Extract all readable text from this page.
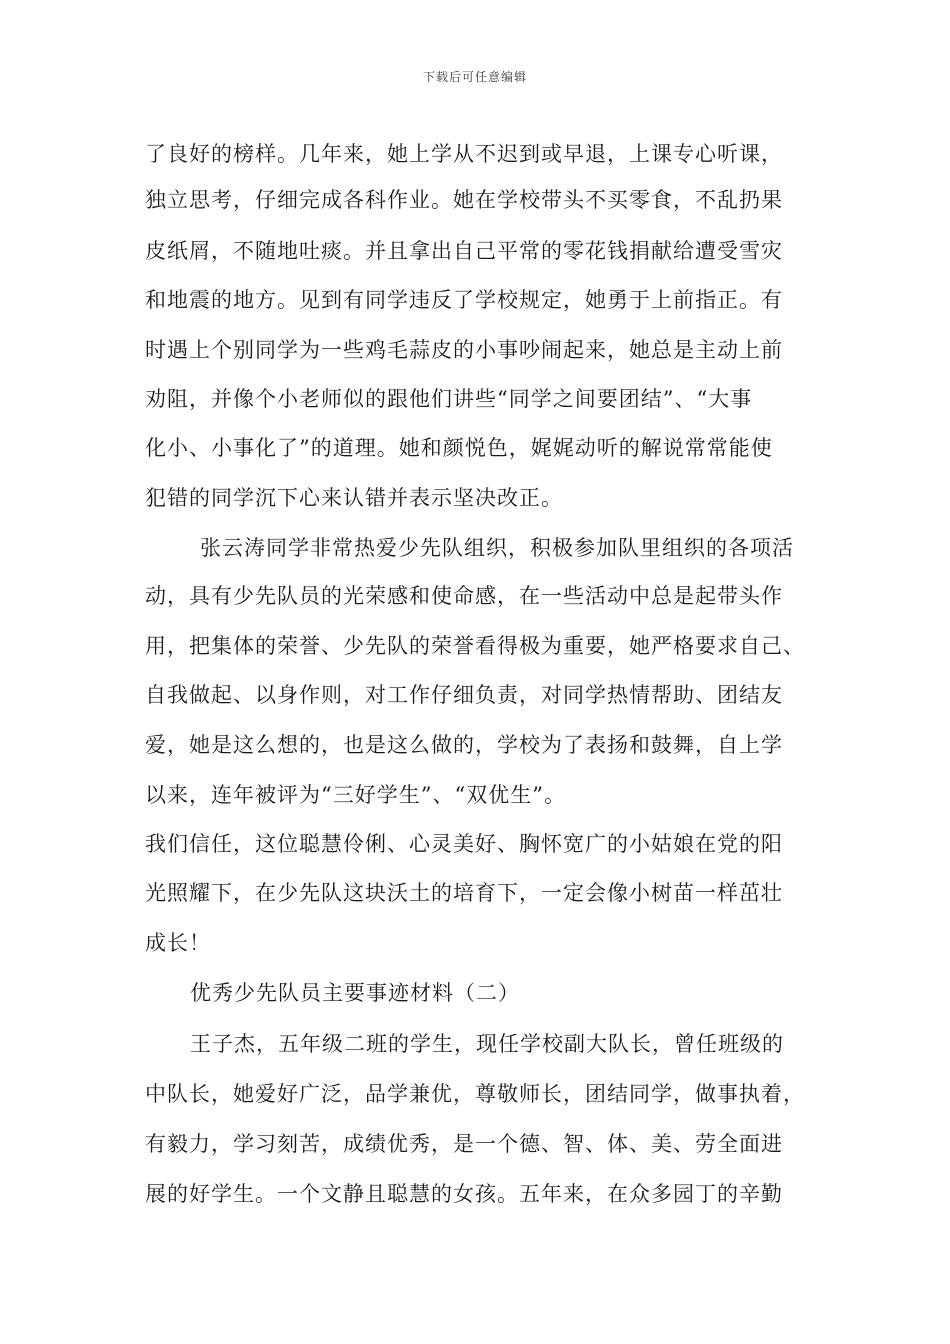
下载后可任意编辑
了良好的榜样。几年来，她上学从不迟到或早退，上课专心听课，
独立思考，仔细完成各科作业。她在学校带头不买零食，不乱扔果
皮纸屑，不随地吐痰。并且拿出自己平常的零花钱捐献给遭受雪灾
和地震的地方。见到有同学违反了学校规定，她勇于上前指正。有
时遇上个别同学为一些鸡毛蒜皮的小事吵闹起来，她总是主动上前
劝阻，并像个小老师似的跟他们讲些“同学之间要团结”、“大事
化小、小事化了”的道理。她和颜悦色，娓娓动听的解说常常能使
犯错的同学沉下心来认错并表示坚决改正。
张云涛同学非常热爱少先队组织，积极参加队里组织的各项活
动，具有少先队员的光荣感和使命感，在一些活动中总是起带头作
用，把集体的荣誉、少先队的荣誉看得极为重要，她严格要求自己、
自我做起、以身作则，对工作仔细负责，对同学热情帮助、团结友
爱，她是这么想的，也是这么做的，学校为了表扬和鼓舞，自上学
以来，连年被评为“三好学生”、“双优生”。
我们信任，这位聪慧伶俐、心灵美好、胸怀宽广的小姑娘在党的阳
光照耀下，在少先队这块沃土的培育下，一定会像小树苗一样茁壮
成长！
优秀少先队员主要事迹材料（二）
王子杰，五年级二班的学生，现任学校副大队长，曾任班级的
中队长，她爱好广泛，品学兼优，尊敬师长，团结同学，做事执着，
有毅力，学习刻苦，成绩优秀，是一个德、智、体、美、劳全面进
展的好学生。一个文静且聪慧的女孩。五年来，在众多园丁的辛勤
